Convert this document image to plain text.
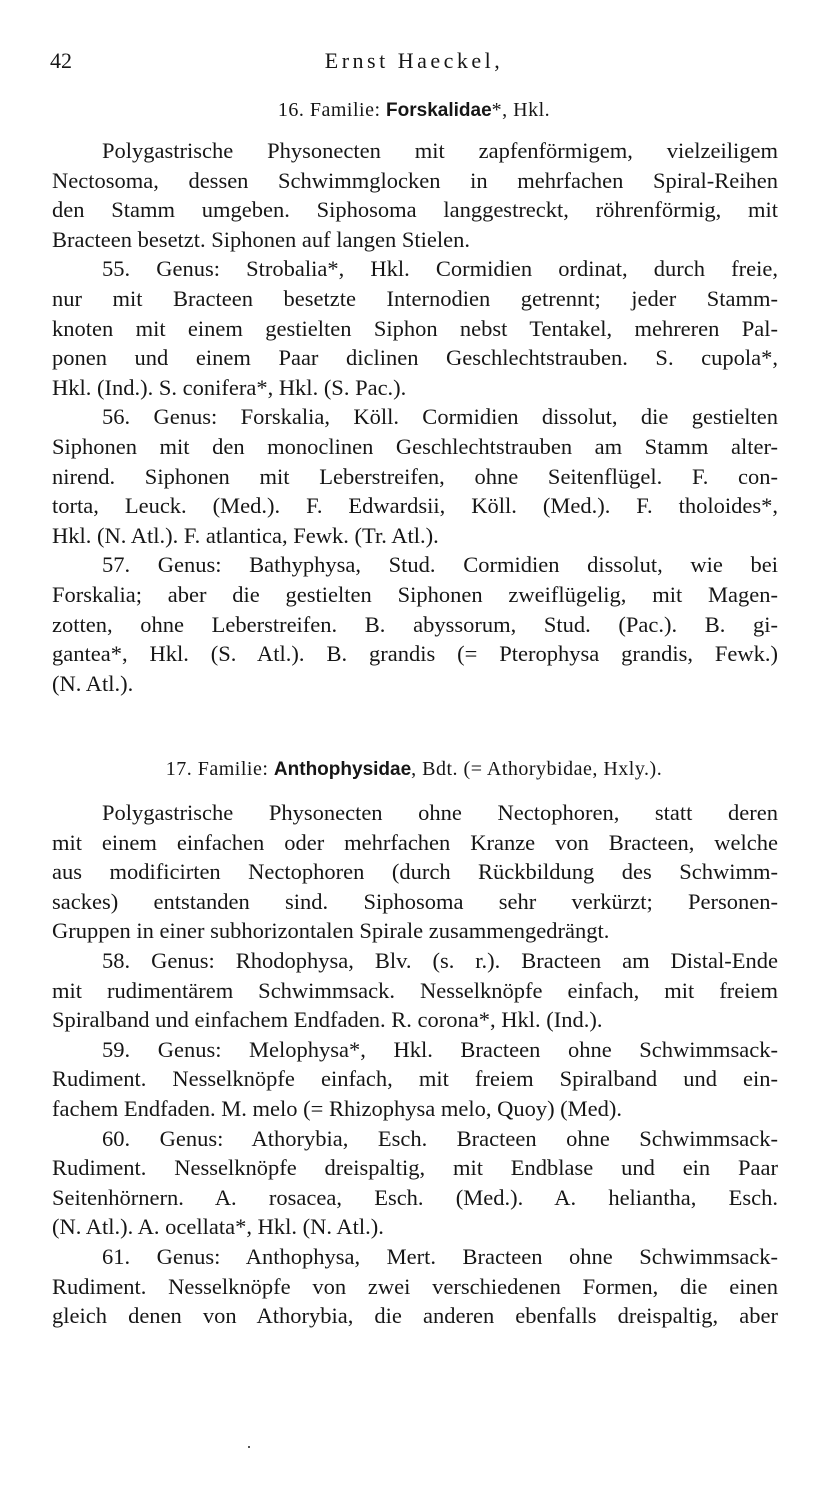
42	Ernst Haeckel,
16. Familie: Forskalidae*, Hkl.
Polygastrische Physonecten mit zapfenförmigem, vielzeiligem
Nectosoma, dessen Schwimmglocken in mehrfachen Spiral-Reihen
den Stamm umgeben. Siphosoma langgestreckt, röhrenförmig, mit
Bracteen besetzt. Siphonen auf langen Stielen.
55. Genus: Strobalia*, Hkl. Cormidien ordinat, durch freie,
nur mit Bracteen besetzte Internodien getrennt; jeder Stamm-
knoten mit einem gestielten Siphon nebst Tentakel, mehreren Pal-
ponen und einem Paar diclinen Geschlechtstrauben. S. cupola*,
Hkl. (Ind.). S. conifera*, Hkl. (S. Pac.).
56. Genus: Forskalia, Köll. Cormidien dissolut, die gestielten
Siphonen mit den monoclinen Geschlechtstrauben am Stamm alter-
nirend. Siphonen mit Leberstreifen, ohne Seitenflügel. F. con-
torta, Leuck. (Med.). F. Edwardsii, Köll. (Med.). F. tholoides*,
Hkl. (N. Atl.). F. atlantica, Fewk. (Tr. Atl.).
57. Genus: Bathyphysa, Stud. Cormidien dissolut, wie bei
Forskalia; aber die gestielten Siphonen zweiflügelig, mit Magen-
zotten, ohne Leberstreifen. B. abyssorum, Stud. (Pac.). B. gi-
gantea*, Hkl. (S. Atl.). B. grandis (= Pterophysa grandis, Fewk.)
(N. Atl.).
17. Familie: Anthophysidae, Bdt. (= Athorybidae, Hxly.).
Polygastrische Physonecten ohne Nectophoren, statt deren
mit einem einfachen oder mehrfachen Kranze von Bracteen, welche
aus modificirten Nectophoren (durch Rückbildung des Schwimm-
sackes) entstanden sind. Siphosoma sehr verkürzt; Personen-
Gruppen in einer subhorizontalen Spirale zusammengedrängt.
58. Genus: Rhodophysa, Blv. (s. r.). Bracteen am Distal-Ende
mit rudimentärem Schwimmsack. Nesselknöpfe einfach, mit freiem
Spiralband und einfachem Endfaden. R. corona*, Hkl. (Ind.).
59. Genus: Melophysa*, Hkl. Bracteen ohne Schwimmsack-
Rudiment. Nesselknöpfe einfach, mit freiem Spiralband und ein-
fachem Endfaden. M. melo (= Rhizophysa melo, Quoy) (Med).
60. Genus: Athorybia, Esch. Bracteen ohne Schwimmsack-
Rudiment. Nesselknöpfe dreispaltig, mit Endblase und ein Paar
Seitenhörnern. A. rosacea, Esch. (Med.). A. heliantha, Esch.
(N. Atl.). A. ocellata*, Hkl. (N. Atl.).
61. Genus: Anthophysa, Mert. Bracteen ohne Schwimmsack-
Rudiment. Nesselknöpfe von zwei verschiedenen Formen, die einen
gleich denen von Athorybia, die anderen ebenfalls dreispaltig, aber
